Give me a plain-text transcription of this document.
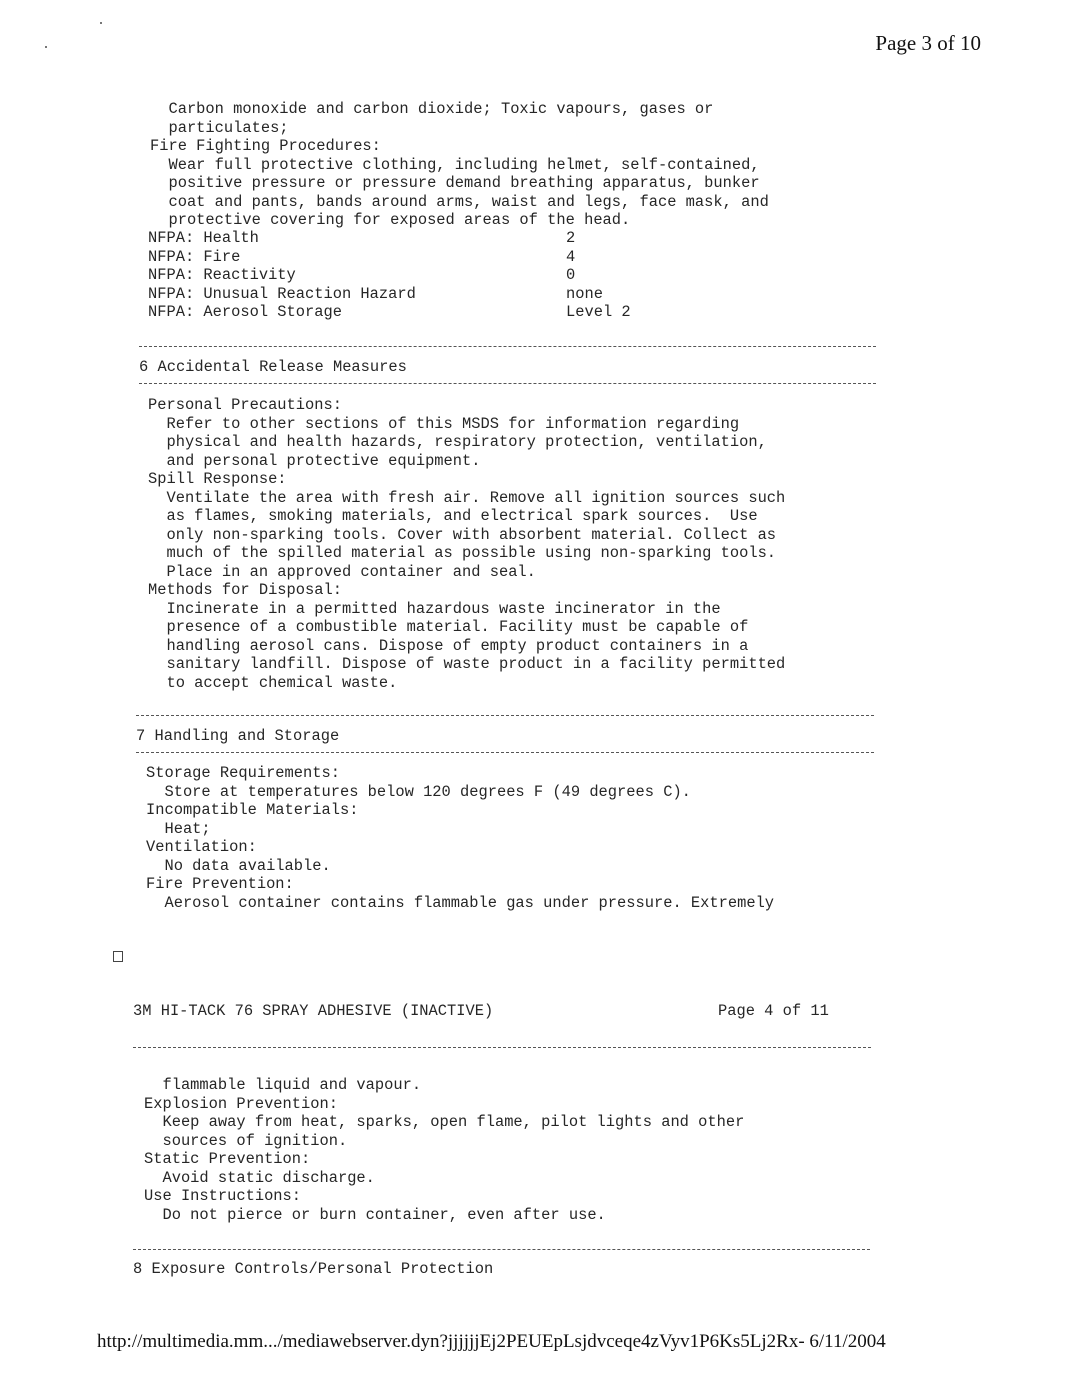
Page 3 of 10
Carbon monoxide and carbon dioxide; Toxic vapours, gases or
particulates;
Fire Fighting Procedures:
Wear full protective clothing, including helmet, self-contained,
positive pressure or pressure demand breathing apparatus, bunker
coat and pants, bands around arms, waist and legs, face mask, and
protective covering for exposed areas of the head.
NFPA: Health	2
NFPA: Fire	4
NFPA: Reactivity	0
NFPA: Unusual Reaction Hazard	none
NFPA: Aerosol Storage	Level 2
6 Accidental Release Measures
Personal Precautions:
Refer to other sections of this MSDS for information regarding
physical and health hazards, respiratory protection, ventilation,
and personal protective equipment.
Spill Response:
Ventilate the area with fresh air. Remove all ignition sources such
as flames, smoking materials, and electrical spark sources.  Use
only non-sparking tools. Cover with absorbent material. Collect as
much of the spilled material as possible using non-sparking tools.
Place in an approved container and seal.
Methods for Disposal:
Incinerate in a permitted hazardous waste incinerator in the
presence of a combustible material. Facility must be capable of
handling aerosol cans. Dispose of empty product containers in a
sanitary landfill. Dispose of waste product in a facility permitted
to accept chemical waste.
7 Handling and Storage
Storage Requirements:
Store at temperatures below 120 degrees F (49 degrees C).
Incompatible Materials:
Heat;
Ventilation:
No data available.
Fire Prevention:
Aerosol container contains flammable gas under pressure. Extremely
3M HI-TACK 76 SPRAY ADHESIVE (INACTIVE)	Page 4 of 11
flammable liquid and vapour.
Explosion Prevention:
Keep away from heat, sparks, open flame, pilot lights and other
sources of ignition.
Static Prevention:
Avoid static discharge.
Use Instructions:
Do not pierce or burn container, even after use.
8 Exposure Controls/Personal Protection
http://multimedia.mm.../mediawebserver.dyn?jjjjjjEj2PEUEpLsjdvceqe4zVyv1P6Ks5Lj2Rx- 6/11/2004
